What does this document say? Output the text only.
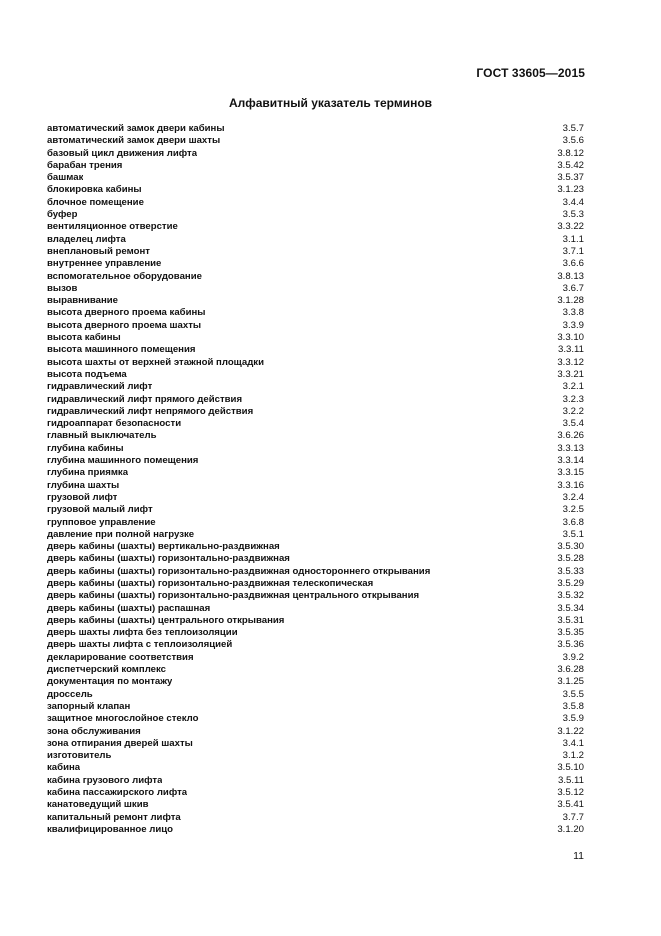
ГОСТ 33605—2015
Алфавитный указатель терминов
автоматический замок двери кабины	3.5.7
автоматический замок двери шахты	3.5.6
базовый цикл движения лифта	3.8.12
барабан трения	3.5.42
башмак	3.5.37
блокировка кабины	3.1.23
блочное помещение	3.4.4
буфер	3.5.3
вентиляционное отверстие	3.3.22
владелец лифта	3.1.1
внеплановый ремонт	3.7.1
внутреннее управление	3.6.6
вспомогательное оборудование	3.8.13
вызов	3.6.7
выравнивание	3.1.28
высота дверного проема кабины	3.3.8
высота дверного проема шахты	3.3.9
высота кабины	3.3.10
высота машинного помещения	3.3.11
высота шахты от верхней этажной площадки	3.3.12
высота подъема	3.3.21
гидравлический лифт	3.2.1
гидравлический лифт прямого действия	3.2.3
гидравлический лифт непрямого действия	3.2.2
гидроаппарат безопасности	3.5.4
главный выключатель	3.6.26
глубина кабины	3.3.13
глубина машинного помещения	3.3.14
глубина приямка	3.3.15
глубина шахты	3.3.16
грузовой лифт	3.2.4
грузовой малый лифт	3.2.5
групповое управление	3.6.8
давление при полной нагрузке	3.5.1
дверь кабины (шахты) вертикально-раздвижная	3.5.30
дверь кабины (шахты) горизонтально-раздвижная	3.5.28
дверь кабины (шахты) горизонтально-раздвижная одностороннего открывания	3.5.33
дверь кабины (шахты) горизонтально-раздвижная телескопическая	3.5.29
дверь кабины (шахты) горизонтально-раздвижная центрального открывания	3.5.32
дверь кабины (шахты) распашная	3.5.34
дверь кабины (шахты) центрального открывания	3.5.31
дверь шахты лифта без теплоизоляции	3.5.35
дверь шахты лифта с теплоизоляцией	3.5.36
декларирование соответствия	3.9.2
диспетчерский комплекс	3.6.28
документация по монтажу	3.1.25
дроссель	3.5.5
запорный клапан	3.5.8
защитное многослойное стекло	3.5.9
зона обслуживания	3.1.22
зона отпирания дверей шахты	3.4.1
изготовитель	3.1.2
кабина	3.5.10
кабина грузового лифта	3.5.11
кабина пассажирского лифта	3.5.12
канатоведущий шкив	3.5.41
капитальный ремонт лифта	3.7.7
квалифицированное лицо	3.1.20
11
